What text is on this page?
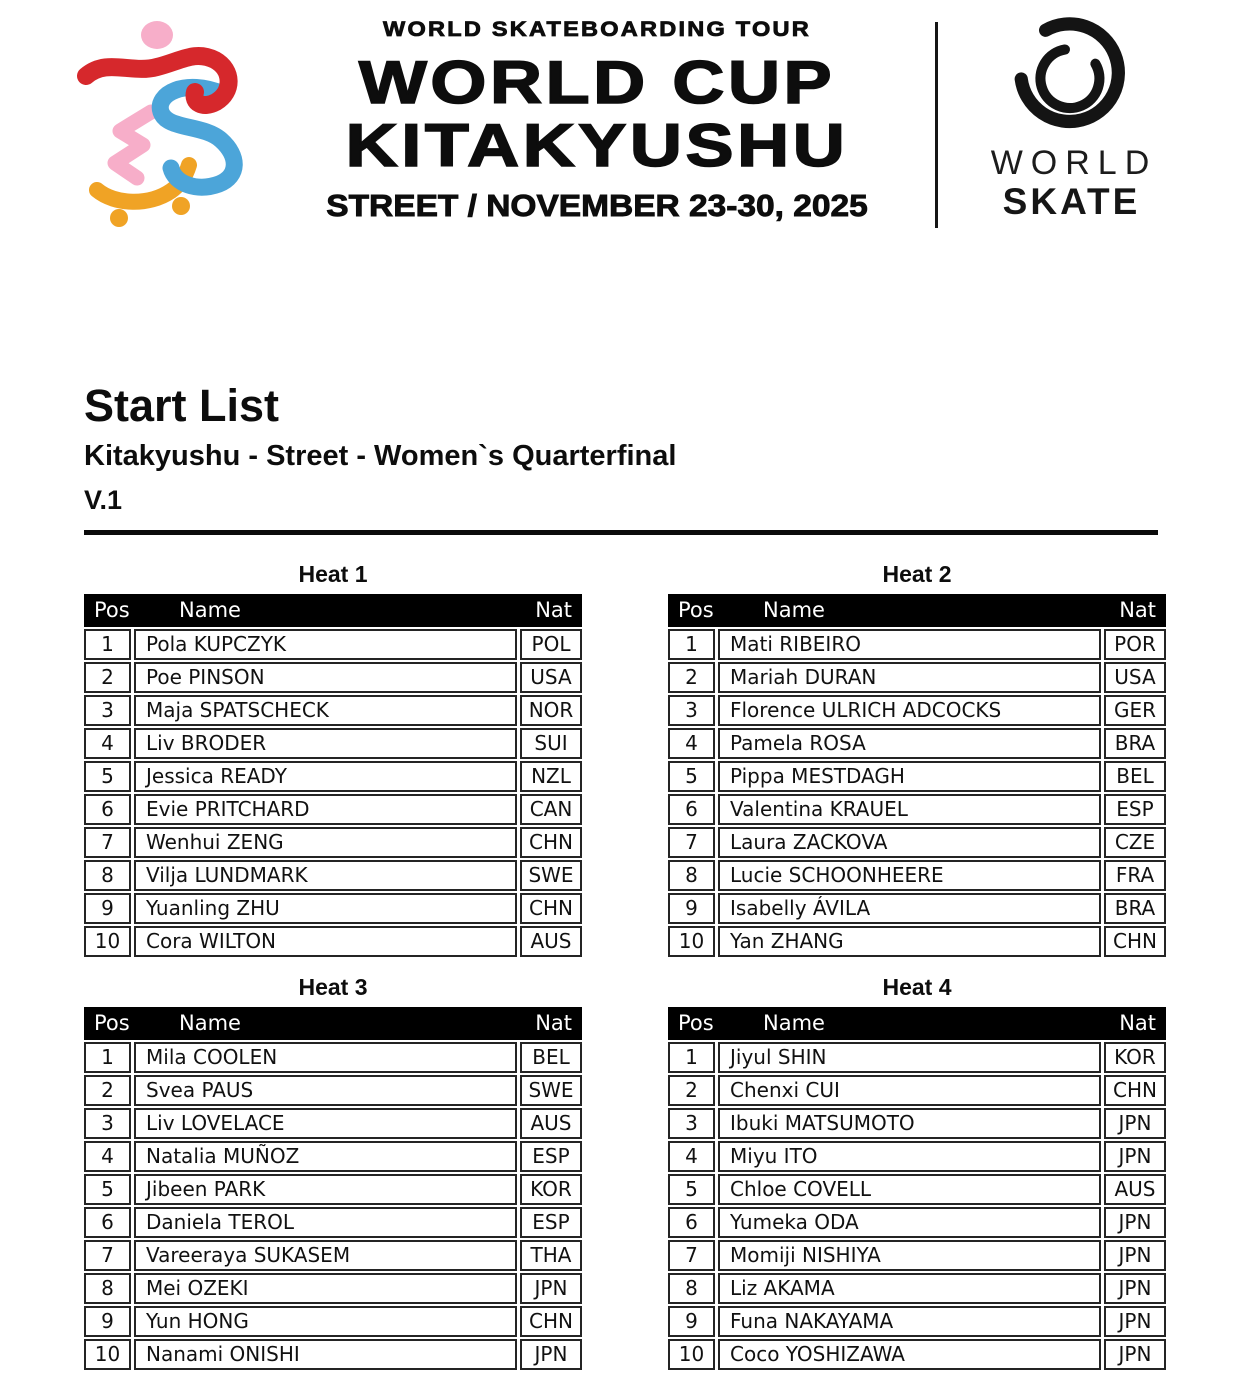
WORLD SKATEBOARDING TOUR
WORLD CUP
KITAKYUSHU
STREET / NOVEMBER 23-30, 2025
WORLD
SKATE
Start List
Kitakyushu - Street - Women`s Quarterfinal
V.1
Heat 1
Pos Name	Nat
1	Pola KUPCZYK	POL
2	Poe PINSON	USA
3	Maja SPATSCHECK	NOR
4	Liv BRODER	SUI
5	Jessica READY	NZL
6	Evie PRITCHARD	CAN
7	Wenhui ZENG	CHN
8	Vilja LUNDMARK	SWE
9	Yuanling ZHU	CHN
10	Cora WILTON	AUS
Heat 2
Pos Name	Nat
1	Mati RIBEIRO	POR
2	Mariah DURAN	USA
3	Florence ULRICH ADCOCKS	GER
4	Pamela ROSA	BRA
5	Pippa MESTDAGH	BEL
6	Valentina KRAUEL	ESP
7	Laura ZACKOVA	CZE
8	Lucie SCHOONHEERE	FRA
9	Isabelly ÁVILA	BRA
10	Yan ZHANG	CHN
Heat 3
Pos Name	Nat
1	Mila COOLEN	BEL
2	Svea PAUS	SWE
3	Liv LOVELACE	AUS
4	Natalia MUÑOZ	ESP
5	Jibeen PARK	KOR
6	Daniela TEROL	ESP
7	Vareeraya SUKASEM	THA
8	Mei OZEKI	JPN
9	Yun HONG	CHN
10	Nanami ONISHI	JPN
Heat 4
Pos Name	Nat
1	Jiyul SHIN	KOR
2	Chenxi CUI	CHN
3	Ibuki MATSUMOTO	JPN
4	Miyu ITO	JPN
5	Chloe COVELL	AUS
6	Yumeka ODA	JPN
7	Momiji NISHIYA	JPN
8	Liz AKAMA	JPN
9	Funa NAKAYAMA	JPN
10	Coco YOSHIZAWA	JPN
